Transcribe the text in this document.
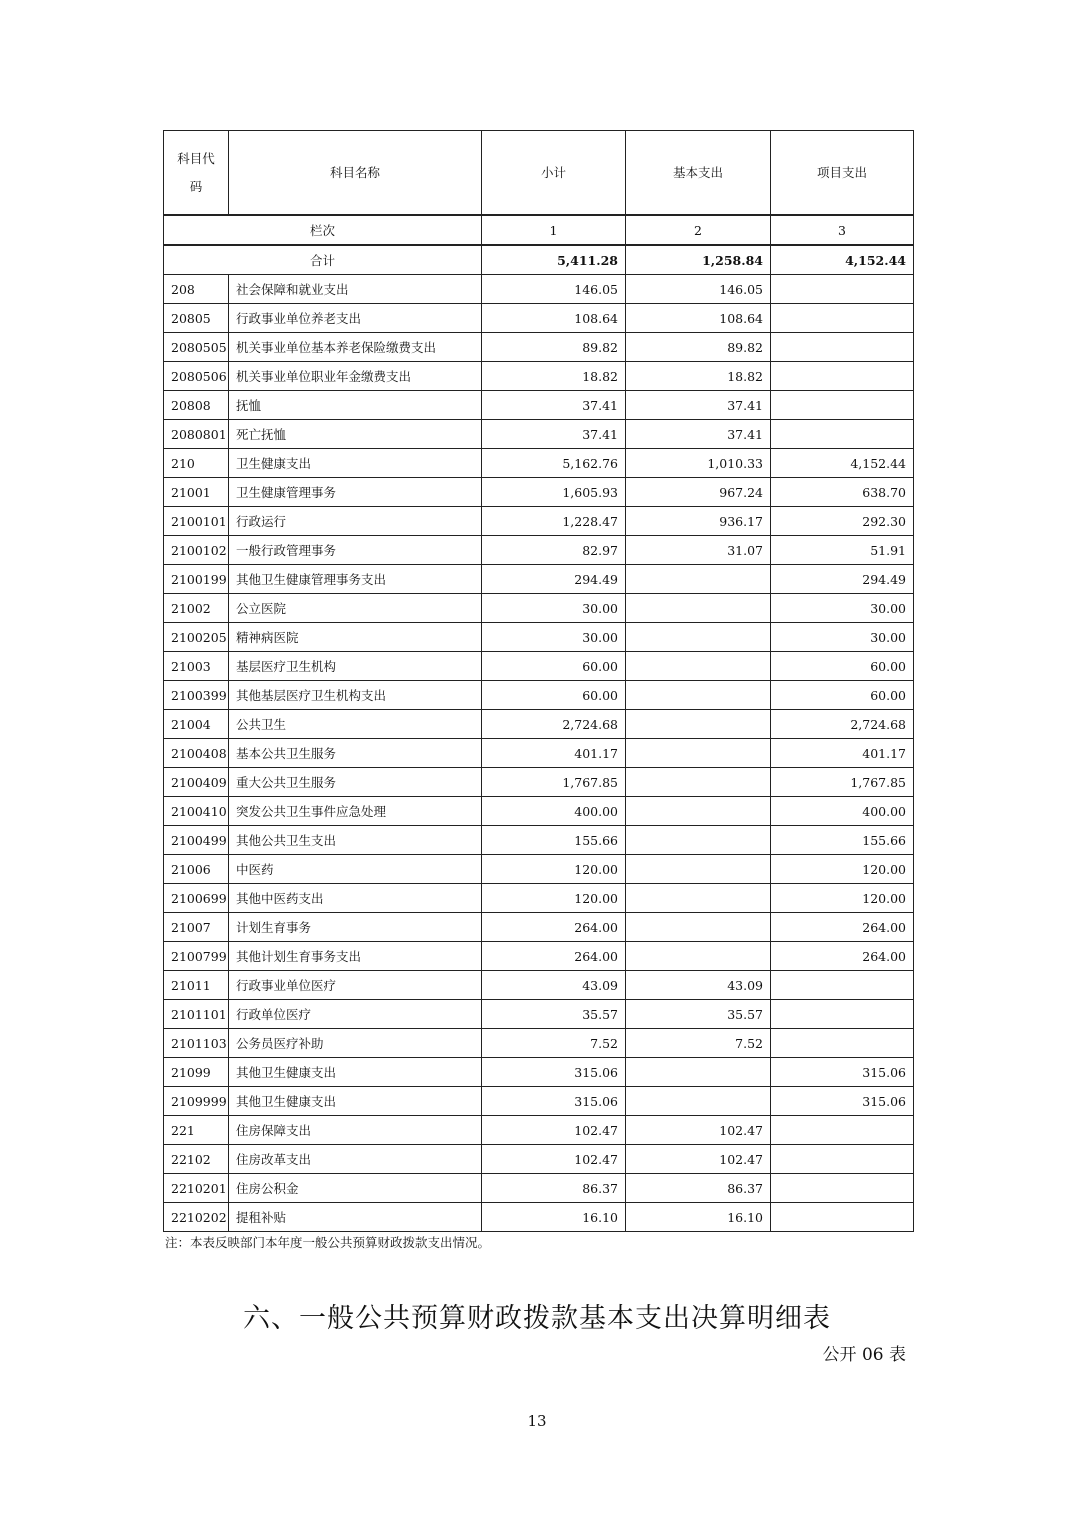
科目代码	科目名称	小计	基本支出	项目支出
栏次		1	2	3
合计		5,411.28	1,258.84	4,152.44
208	社会保障和就业支出	146.05	146.05	
20805	行政事业单位养老支出	108.64	108.64	
2080505	机关事业单位基本养老保险缴费支出	89.82	89.82	
2080506	机关事业单位职业年金缴费支出	18.82	18.82	
20808	抚恤	37.41	37.41	
2080801	死亡抚恤	37.41	37.41	
210	卫生健康支出	5,162.76	1,010.33	4,152.44
21001	卫生健康管理事务	1,605.93	967.24	638.70
2100101	行政运行	1,228.47	936.17	292.30
2100102	一般行政管理事务	82.97	31.07	51.91
2100199	其他卫生健康管理事务支出	294.49		294.49
21002	公立医院	30.00		30.00
2100205	精神病医院	30.00		30.00
21003	基层医疗卫生机构	60.00		60.00
2100399	其他基层医疗卫生机构支出	60.00		60.00
21004	公共卫生	2,724.68		2,724.68
2100408	基本公共卫生服务	401.17		401.17
2100409	重大公共卫生服务	1,767.85		1,767.85
2100410	突发公共卫生事件应急处理	400.00		400.00
2100499	其他公共卫生支出	155.66		155.66
21006	中医药	120.00		120.00
2100699	其他中医药支出	120.00		120.00
21007	计划生育事务	264.00		264.00
2100799	其他计划生育事务支出	264.00		264.00
21011	行政事业单位医疗	43.09	43.09	
2101101	行政单位医疗	35.57	35.57	
2101103	公务员医疗补助	7.52	7.52	
21099	其他卫生健康支出	315.06		315.06
2109999	其他卫生健康支出	315.06		315.06
221	住房保障支出	102.47	102.47	
22102	住房改革支出	102.47	102.47	
2210201	住房公积金	86.37	86.37	
2210202	提租补贴	16.10	16.10	
注：本表反映部门本年度一般公共预算财政拨款支出情况。
六、一般公共预算财政拨款基本支出决算明细表
公开 06 表
13
